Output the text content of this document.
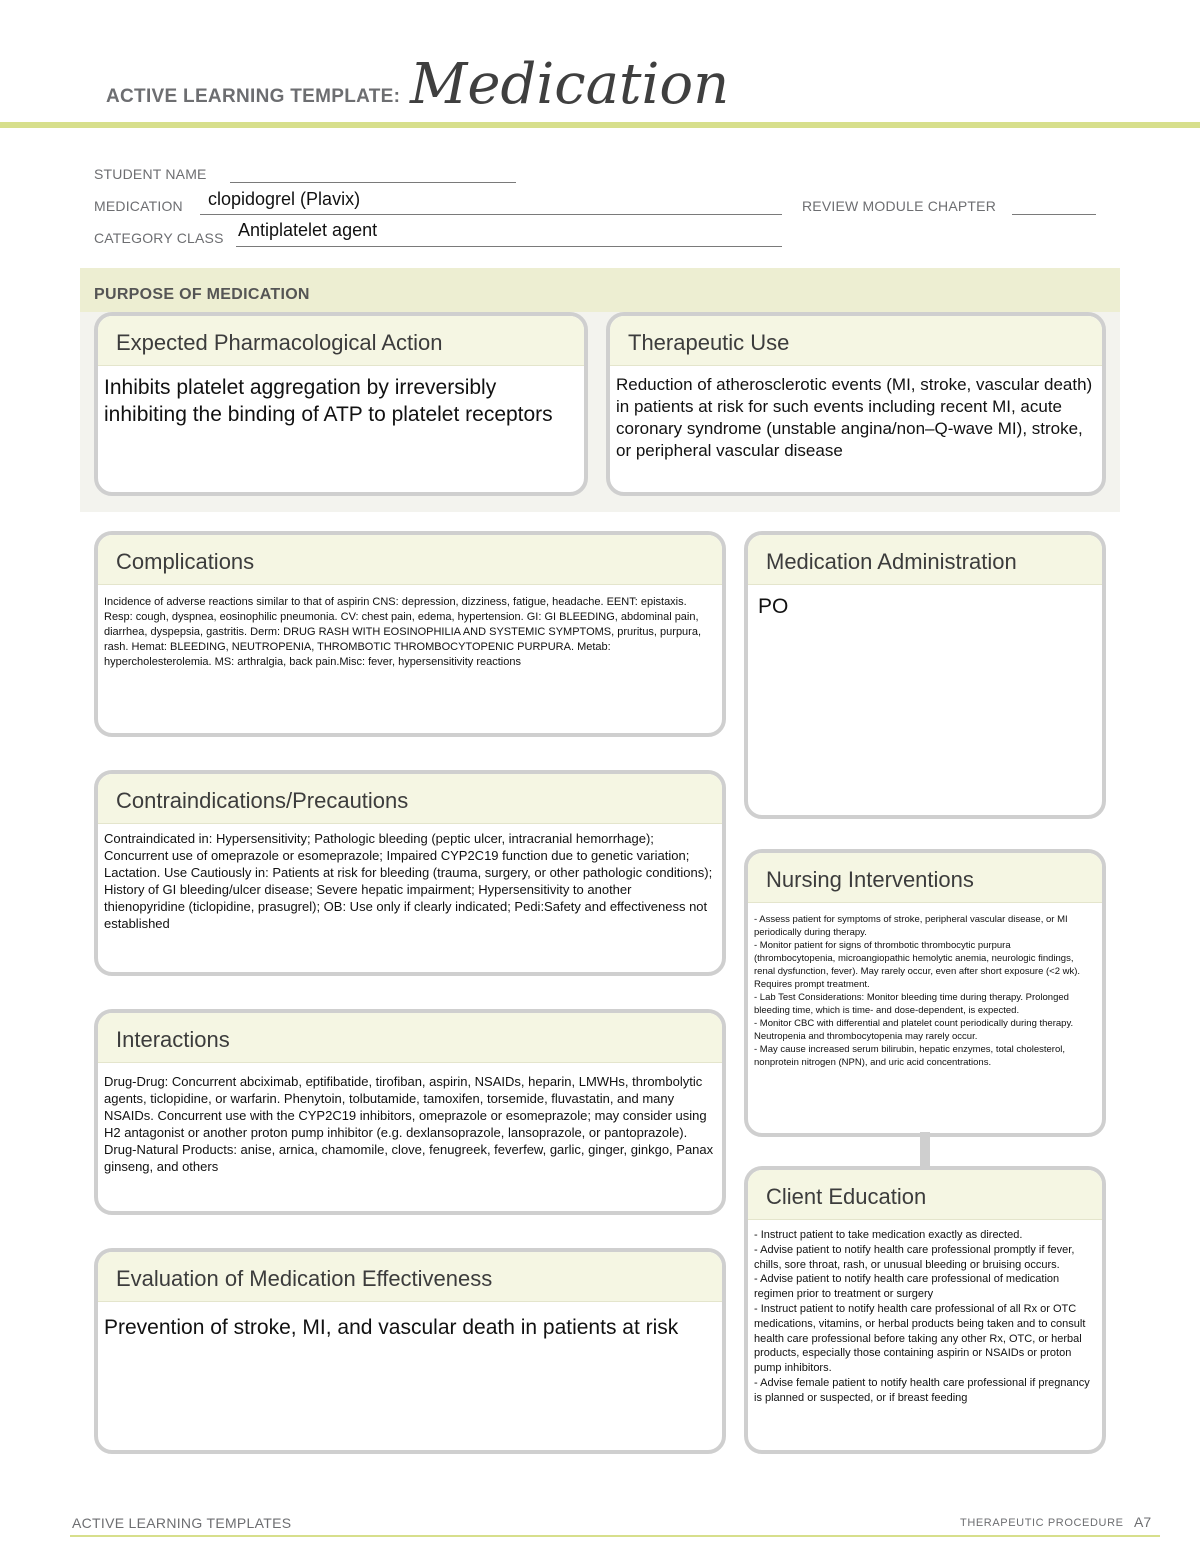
ACTIVE LEARNING TEMPLATE: Medication
STUDENT NAME
MEDICATION clopidogrel (Plavix)	REVIEW MODULE CHAPTER
CATEGORY CLASS Antiplatelet agent
PURPOSE OF MEDICATION
Expected Pharmacological Action
Inhibits platelet aggregation by irreversibly inhibiting the binding of ATP to platelet receptors
Therapeutic Use
Reduction of atherosclerotic events (MI, stroke, vascular death) in patients at risk for such events including recent MI, acute coronary syndrome (unstable angina/non–Q-wave MI), stroke, or peripheral vascular disease
Complications
Incidence of adverse reactions similar to that of aspirin CNS: depression, dizziness, fatigue, headache. EENT: epistaxis. Resp: cough, dyspnea, eosinophilic pneumonia. CV: chest pain, edema, hypertension. GI: GI BLEEDING, abdominal pain, diarrhea, dyspepsia, gastritis. Derm: DRUG RASH WITH EOSINOPHILIA AND SYSTEMIC SYMPTOMS, pruritus, purpura, rash. Hemat: BLEEDING, NEUTROPENIA, THROMBOTIC THROMBOCYTOPENIC PURPURA. Metab: hypercholesterolemia. MS: arthralgia, back pain.Misc: fever, hypersensitivity reactions
Medication Administration
PO
Contraindications/Precautions
Contraindicated in: Hypersensitivity; Pathologic bleeding (peptic ulcer, intracranial hemorrhage); Concurrent use of omeprazole or esomeprazole; Impaired CYP2C19 function due to genetic variation; Lactation. Use Cautiously in: Patients at risk for bleeding (trauma, surgery, or other pathologic conditions); History of GI bleeding/ulcer disease; Severe hepatic impairment; Hypersensitivity to another thienopyridine (ticlopidine, prasugrel); OB: Use only if clearly indicated; Pedi:Safety and effectiveness not established
Nursing Interventions
- Assess patient for symptoms of stroke, peripheral vascular disease, or MI periodically during therapy.
- Monitor patient for signs of thrombotic thrombocytic purpura (thrombocytopenia, microangiopathic hemolytic anemia, neurologic findings, renal dysfunction, fever). May rarely occur, even after short exposure (<2 wk). Requires prompt treatment.
- Lab Test Considerations: Monitor bleeding time during therapy. Prolonged bleeding time, which is time- and dose-dependent, is expected.
- Monitor CBC with differential and platelet count periodically during therapy. Neutropenia and thrombocytopenia may rarely occur.
- May cause increased serum bilirubin, hepatic enzymes, total cholesterol, nonprotein nitrogen (NPN), and uric acid concentrations.
Interactions
Drug-Drug: Concurrent abciximab, eptifibatide, tirofiban, aspirin, NSAIDs, heparin, LMWHs, thrombolytic agents, ticlopidine, or warfarin. Phenytoin, tolbutamide, tamoxifen, torsemide, fluvastatin, and many NSAIDs. Concurrent use with the CYP2C19 inhibitors, omeprazole or esomeprazole; may consider using H2 antagonist or another proton pump inhibitor (e.g. dexlansoprazole, lansoprazole, or pantoprazole).
Drug-Natural Products: anise, arnica, chamomile, clove, fenugreek, feverfew, garlic, ginger, ginkgo, Panax ginseng, and others
Client Education
- Instruct patient to take medication exactly as directed.
- Advise patient to notify health care professional promptly if fever, chills, sore throat, rash, or unusual bleeding or bruising occurs.
- Advise patient to notify health care professional of medication regimen prior to treatment or surgery
- Instruct patient to notify health care professional of all Rx or OTC medications, vitamins, or herbal products being taken and to consult health care professional before taking any other Rx, OTC, or herbal products, especially those containing aspirin or NSAIDs or proton pump inhibitors.
- Advise female patient to notify health care professional if pregnancy is planned or suspected, or if breast feeding
Evaluation of Medication Effectiveness
Prevention of stroke, MI, and vascular death in patients at risk
ACTIVE LEARNING TEMPLATES	THERAPEUTIC PROCEDURE A7
